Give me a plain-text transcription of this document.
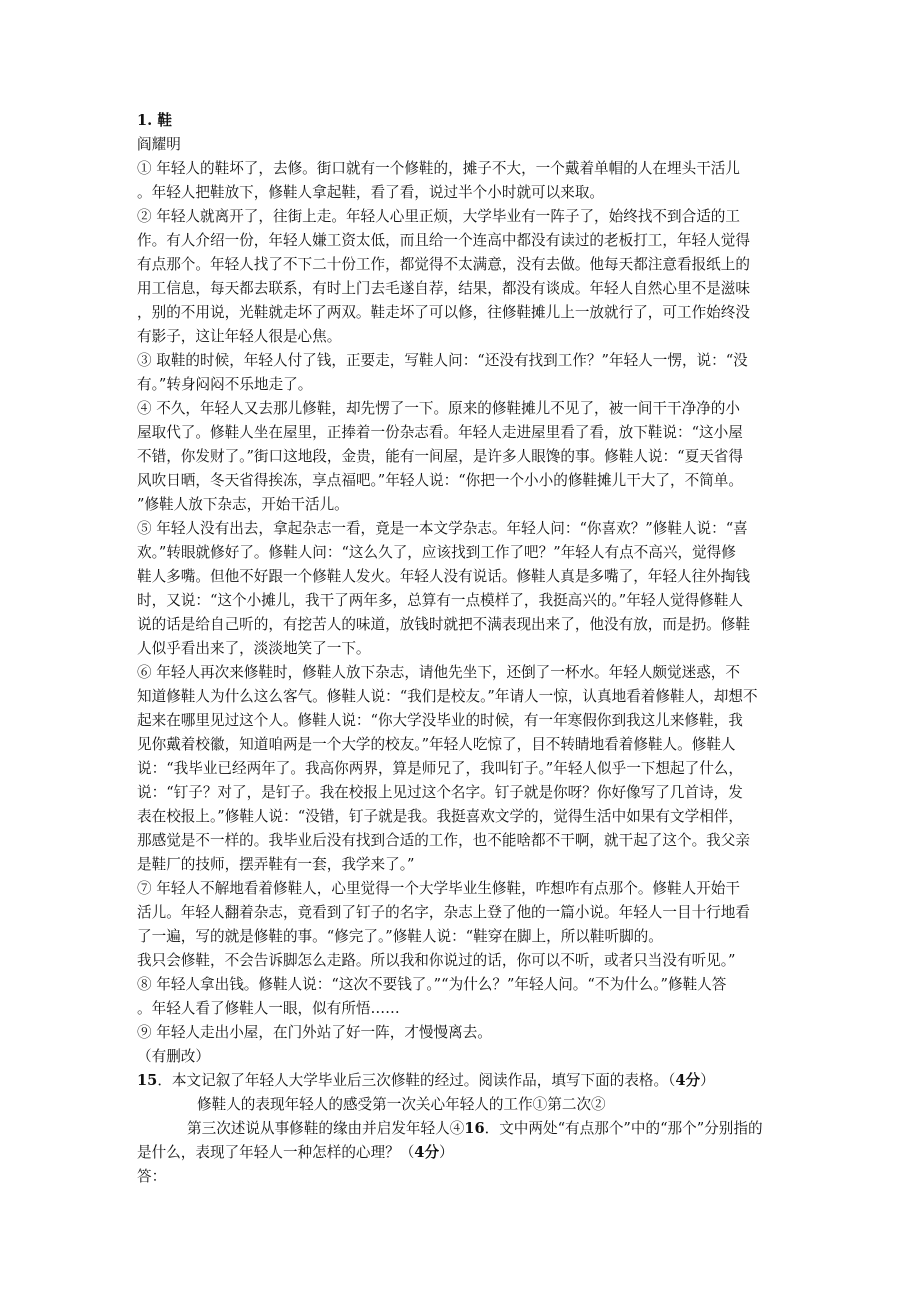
1. 鞋
阎耀明
① 年轻人的鞋坏了，去修。街口就有一个修鞋的，摊子不大，一个戴着单帽的人在埋头干活儿
。年轻人把鞋放下，修鞋人拿起鞋，看了看，说过半个小时就可以来取。
② 年轻人就离开了，往街上走。年轻人心里正烦，大学毕业有一阵子了，始终找不到合适的工
作。有人介绍一份，年轻人嫌工资太低，而且给一个连高中都没有读过的老板打工，年轻人觉得
有点那个。年轻人找了不下二十份工作，都觉得不太满意，没有去做。他每天都注意看报纸上的
用工信息，每天都去联系，有时上门去毛遂自荐，结果，都没有谈成。年轻人自然心里不是滋味
，别的不用说，光鞋就走坏了两双。鞋走坏了可以修，往修鞋摊儿上一放就行了，可工作始终没
有影子，这让年轻人很是心焦。
③ 取鞋的时候，年轻人付了钱，正要走，写鞋人问：“还没有找到工作？”年轻人一愣，说：“没
有。”转身闷闷不乐地走了。
④ 不久，年轻人又去那儿修鞋，却先愣了一下。原来的修鞋摊儿不见了，被一间干干净净的小
屋取代了。修鞋人坐在屋里，正捧着一份杂志看。年轻人走进屋里看了看，放下鞋说：“这小屋
不错，你发财了。”街口这地段，金贵，能有一间屋，是许多人眼馋的事。修鞋人说：“夏天省得
风吹日晒，冬天省得挨冻，享点福吧。”年轻人说：“你把一个小小的修鞋摊儿干大了，不简单。
”修鞋人放下杂志，开始干活儿。
⑤ 年轻人没有出去，拿起杂志一看，竟是一本文学杂志。年轻人问：“你喜欢？”修鞋人说：“喜
欢。”转眼就修好了。修鞋人问：“这么久了，应该找到工作了吧？”年轻人有点不高兴，觉得修
鞋人多嘴。但他不好跟一个修鞋人发火。年轻人没有说话。修鞋人真是多嘴了，年轻人往外掏钱
时，又说：“这个小摊儿，我干了两年多，总算有一点模样了，我挺高兴的。”年轻人觉得修鞋人
说的话是给自己听的，有挖苦人的味道，放钱时就把不满表现出来了，他没有放，而是扔。修鞋
人似乎看出来了，淡淡地笑了一下。
⑥ 年轻人再次来修鞋时，修鞋人放下杂志，请他先坐下，还倒了一杯水。年轻人颇觉迷惑，不
知道修鞋人为什么这么客气。修鞋人说：“我们是校友。”年请人一惊，认真地看着修鞋人，却想不
起来在哪里见过这个人。修鞋人说：“你大学没毕业的时候，有一年寒假你到我这儿来修鞋，我
见你戴着校徽，知道咱两是一个大学的校友。”年轻人吃惊了，目不转睛地看着修鞋人。修鞋人
说：“我毕业已经两年了。我高你两界，算是师兄了，我叫钉子。”年轻人似乎一下想起了什么，
说：“钉子？对了，是钉子。我在校报上见过这个名字。钉子就是你呀？你好像写了几首诗，发
表在校报上。”修鞋人说：“没错，钉子就是我。我挺喜欢文学的，觉得生活中如果有文学相伴，
那感觉是不一样的。我毕业后没有找到合适的工作，也不能啥都不干啊，就干起了这个。我父亲
是鞋厂的技师，摆弄鞋有一套，我学来了。”
⑦ 年轻人不解地看着修鞋人，心里觉得一个大学毕业生修鞋，咋想咋有点那个。修鞋人开始干
活儿。年轻人翻着杂志，竟看到了钉子的名字，杂志上登了他的一篇小说。年轻人一目十行地看
了一遍，写的就是修鞋的事。“修完了。”修鞋人说：“鞋穿在脚上，所以鞋听脚的。
我只会修鞋，不会告诉脚怎么走路。所以我和你说过的话，你可以不听，或者只当没有听见。”
⑧ 年轻人拿出钱。修鞋人说：“这次不要钱了。”“为什么？”年轻人问。“不为什么。”修鞋人答
。年轻人看了修鞋人一眼，似有所悟……
⑨ 年轻人走出小屋，在门外站了好一阵，才慢慢离去。
（有删改）
15．本文记叙了年轻人大学毕业后三次修鞋的经过。阅读作品，填写下面的表格。（4分）
修鞋人的表现年轻人的感受第一次关心年轻人的工作①第二次②
第三次述说从事修鞋的缘由并启发年轻人④16．文中两处“有点那个”中的“那个”分别指的
是什么，表现了年轻人一种怎样的心理？（4分）
答：
